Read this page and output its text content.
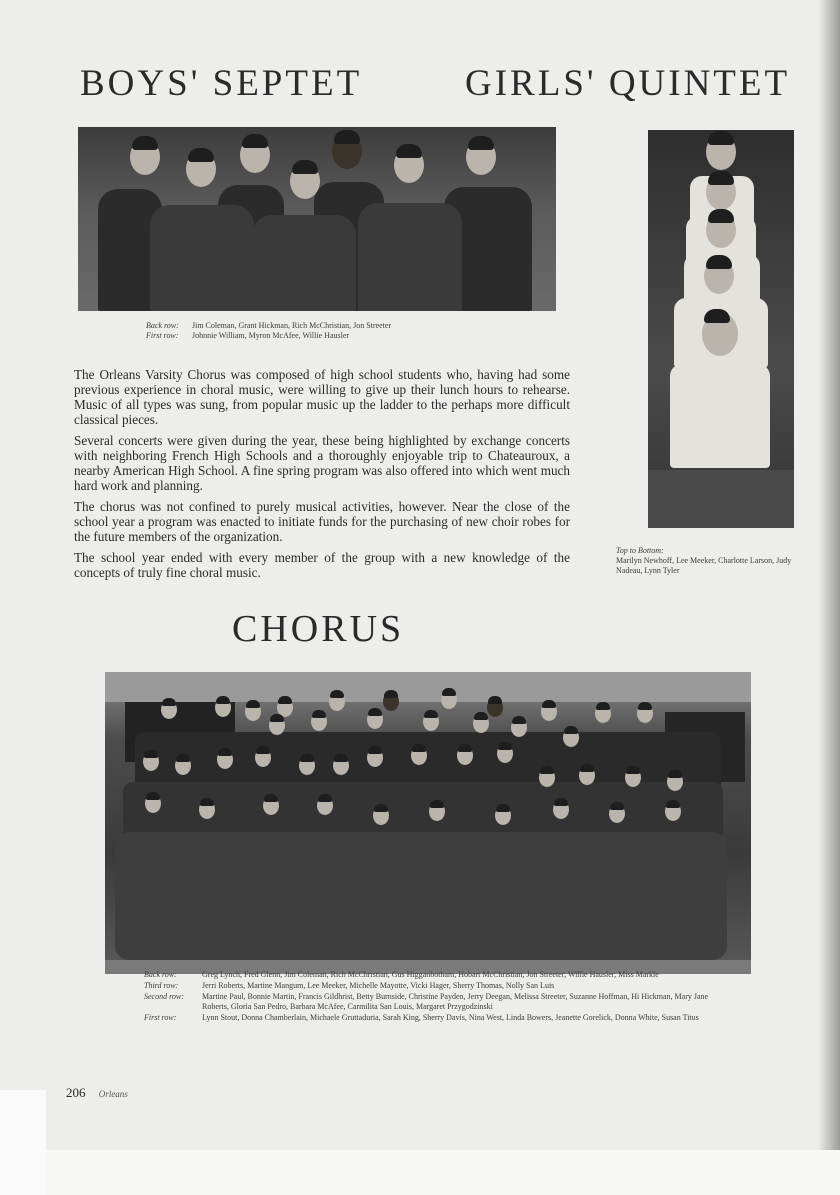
BOYS' SEPTET	GIRLS' QUINTET
Back row: Jim Coleman, Grant Hickman, Rich McChristian, Jon Streeter
First row: Johnnie William, Myron McAfee, Willie Hausler
Top to Bottom:
Marilyn Newhoff, Lee Meeker, Charlotte Larson, Judy Nadeau, Lynn Tyler

The Orleans Varsity Chorus was composed of high school students who, having had some previous experience in choral music, were willing to give up their lunch hours to rehearse. Music of all types was sung, from popular music up the ladder to the perhaps more difficult classical pieces.

Several concerts were given during the year, these being highlighted by exchange concerts with neighboring French High Schools and a thoroughly enjoyable trip to Chateauroux, a nearby American High School. A fine spring program was also offered into which went much hard work and planning.

The chorus was not confined to purely musical activities, however. Near the close of the school year a program was enacted to initiate funds for the purchasing of new choir robes for the future members of the organization.

The school year ended with every member of the group with a new knowledge of the concepts of truly fine choral music.

CHORUS
Back row:	Greg Lynch, Fred Glenn, Jim Coleman, Rich McChristian, Gus Higganbotham, Hobart McChristian, Jon Streeter, Willie Hausler, Miss Markle
Third row:	Jerri Roberts, Martine Mangum, Lee Meeker, Michelle Mayotte, Vicki Hager, Sherry Thomas, Nolly San Luis
Second row:	Martine Paul, Bonnie Martin, Francis Gildhrist, Betty Burnside, Christine Payden, Jerry Deegan, Melissa Streeter, Suzanne Hoffman, Hi Hickman, Mary Jane Roberts, Gloria San Pedro, Barbara McAfee, Carmilita San Louis, Margaret Przygodzinski
First row:	Lynn Stout, Donna Chamberlain, Michaele Gruttaduria, Sarah King, Sherry Davis, Nina West, Linda Bowers, Jeanette Gorelick, Donna White, Susan Titus
206 Orleans
